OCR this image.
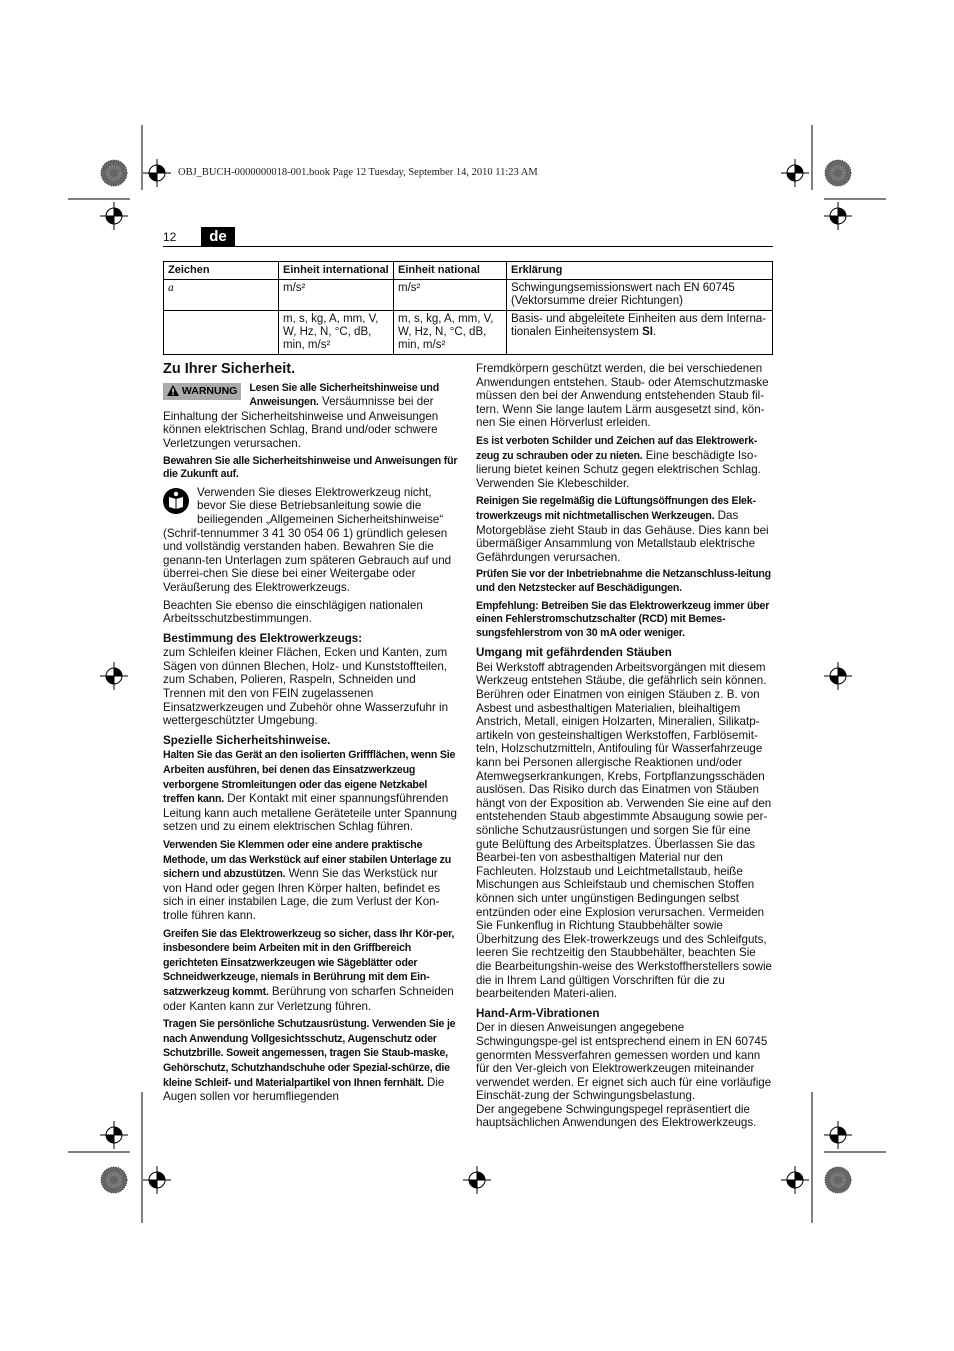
OBJ_BUCH-0000000018-001.book Page 12 Tuesday, September 14, 2010 11:23 AM
12	de
Zeichen	Einheit international	Einheit national	Erklärung
a	m/s²	m/s²	Schwingungsemissionswert nach EN 60745 (Vektorsumme dreier Richtungen)
	m, s, kg, A, mm, V, W, Hz, N, °C, dB, min, m/s²	m, s, kg, A, mm, V, W, Hz, N, °C, dB, min, m/s²	Basis- und abgeleitete Einheiten aus dem Interna-tionalen Einheitensystem SI.
Zu Ihrer Sicherheit.

WARNUNG	Lesen Sie alle Sicherheitshinweise und Anweisungen. Versäumnisse bei der Einhaltung der Sicherheitshinweise und Anweisungen können elektrischen Schlag, Brand und/oder schwere Verletzungen verursachen.

Bewahren Sie alle Sicherheitshinweise und Anweisungen für die Zukunft auf.

Verwenden Sie dieses Elektrowerkzeug nicht, bevor Sie diese Betriebsanleitung sowie die beiliegenden „Allgemeinen Sicherheitshinweise“ (Schrif-tennummer 3 41 30 054 06 1) gründlich gelesen und vollständig verstanden haben. Bewahren Sie die genann-ten Unterlagen zum späteren Gebrauch auf und überrei-chen Sie diese bei einer Weitergabe oder Veräußerung des Elektrowerkzeugs.

Beachten Sie ebenso die einschlägigen nationalen Arbeitsschutzbestimmungen.

Bestimmung des Elektrowerkzeugs:

zum Schleifen kleiner Flächen, Ecken und Kanten, zum Sägen von dünnen Blechen, Holz- und Kunststoffteilen, zum Schaben, Polieren, Raspeln, Schneiden und Trennen mit den von FEIN zugelassenen Einsatzwerkzeugen und Zubehör ohne Wasserzufuhr in wettergeschützter Umgebung.

Spezielle Sicherheitshinweise.

Halten Sie das Gerät an den isolierten Griffflächen, wenn Sie Arbeiten ausführen, bei denen das Einsatzwerkzeug verborgene Stromleitungen oder das eigene Netzkabel treffen kann. Der Kontakt mit einer spannungsführenden Leitung kann auch metallene Geräteteile unter Spannung setzen und zu einem elektrischen Schlag führen.

Verwenden Sie Klemmen oder eine andere praktische Methode, um das Werkstück auf einer stabilen Unterlage zu sichern und abzustützen. Wenn Sie das Werkstück nur von Hand oder gegen Ihren Körper halten, befindet es sich in einer instabilen Lage, die zum Verlust der Kon-trolle führen kann.

Greifen Sie das Elektrowerkzeug so sicher, dass Ihr Kör-per, insbesondere beim Arbeiten mit in den Griffbereich gerichteten Einsatzwerkzeugen wie Sägeblätter oder Schneidwerkzeuge, niemals in Berührung mit dem Ein-satzwerkzeug kommt. Berührung von scharfen Schneiden oder Kanten kann zur Verletzung führen.

Tragen Sie persönliche Schutzausrüstung. Verwenden Sie je nach Anwendung Vollgesichtsschutz, Augenschutz oder Schutzbrille. Soweit angemessen, tragen Sie Staub-maske, Gehörschutz, Schutzhandschuhe oder Spezial-schürze, die kleine Schleif- und Materialpartikel von Ihnen fernhält. Die Augen sollen vor herumfliegenden

Fremdkörpern geschützt werden, die bei verschiedenen Anwendungen entstehen. Staub- oder Atemschutzmaske müssen den bei der Anwendung entstehenden Staub fil-tern. Wenn Sie lange lautem Lärm ausgesetzt sind, kön-nen Sie einen Hörverlust erleiden.

Es ist verboten Schilder und Zeichen auf das Elektrowerk-zeug zu schrauben oder zu nieten. Eine beschädigte Iso-lierung bietet keinen Schutz gegen elektrischen Schlag. Verwenden Sie Klebeschilder.

Reinigen Sie regelmäßig die Lüftungsöffnungen des Elek-trowerkzeugs mit nichtmetallischen Werkzeugen. Das Motorgebläse zieht Staub in das Gehäuse. Dies kann bei übermäßiger Ansammlung von Metallstaub elektrische Gefährdungen verursachen.

Prüfen Sie vor der Inbetriebnahme die Netzanschluss-leitung und den Netzstecker auf Beschädigungen.

Empfehlung: Betreiben Sie das Elektrowerkzeug immer über einen Fehlerstromschutzschalter (RCD) mit Bemes-sungsfehlerstrom von 30 mA oder weniger.

Umgang mit gefährdenden Stäuben

Bei Werkstoff abtragenden Arbeitsvorgängen mit diesem Werkzeug entstehen Stäube, die gefährlich sein können. Berühren oder Einatmen von einigen Stäuben z. B. von Asbest und asbesthaltigen Materialien, bleihaltigem Anstrich, Metall, einigen Holzarten, Mineralien, Silikatp-artikeln von gesteinshaltigen Werkstoffen, Farblösemit-teln, Holzschutzmitteln, Antifouling für Wasserfahrzeuge kann bei Personen allergische Reaktionen und/oder Atemwegserkrankungen, Krebs, Fortpflanzungsschäden auslösen. Das Risiko durch das Einatmen von Stäuben hängt von der Exposition ab. Verwenden Sie eine auf den entstehenden Staub abgestimmte Absaugung sowie per-sönliche Schutzausrüstungen und sorgen Sie für eine gute Belüftung des Arbeitsplatzes. Überlassen Sie das Bearbei-ten von asbesthaltigen Material nur den Fachleuten. Holzstaub und Leichtmetallstaub, heiße Mischungen aus Schleifstaub und chemischen Stoffen können sich unter ungünstigen Bedingungen selbst entzünden oder eine Explosion verursachen. Vermeiden Sie Funkenflug in Richtung Staubbehälter sowie Überhitzung des Elek-trowerkzeugs und des Schleifguts, leeren Sie rechtzeitig den Staubbehälter, beachten Sie die Bearbeitungshin-weise des Werkstoffherstellers sowie die in Ihrem Land gültigen Vorschriften für die zu bearbeitenden Materi-alien.

Hand-Arm-Vibrationen

Der in diesen Anweisungen angegebene Schwingungspe-gel ist entsprechend einem in EN 60745 genormten Messverfahren gemessen worden und kann für den Ver-gleich von Elektrowerkzeugen miteinander verwendet werden. Er eignet sich auch für eine vorläufige Einschät-zung der Schwingungsbelastung.

Der angegebene Schwingungspegel repräsentiert die hauptsächlichen Anwendungen des Elektrowerkzeugs.
